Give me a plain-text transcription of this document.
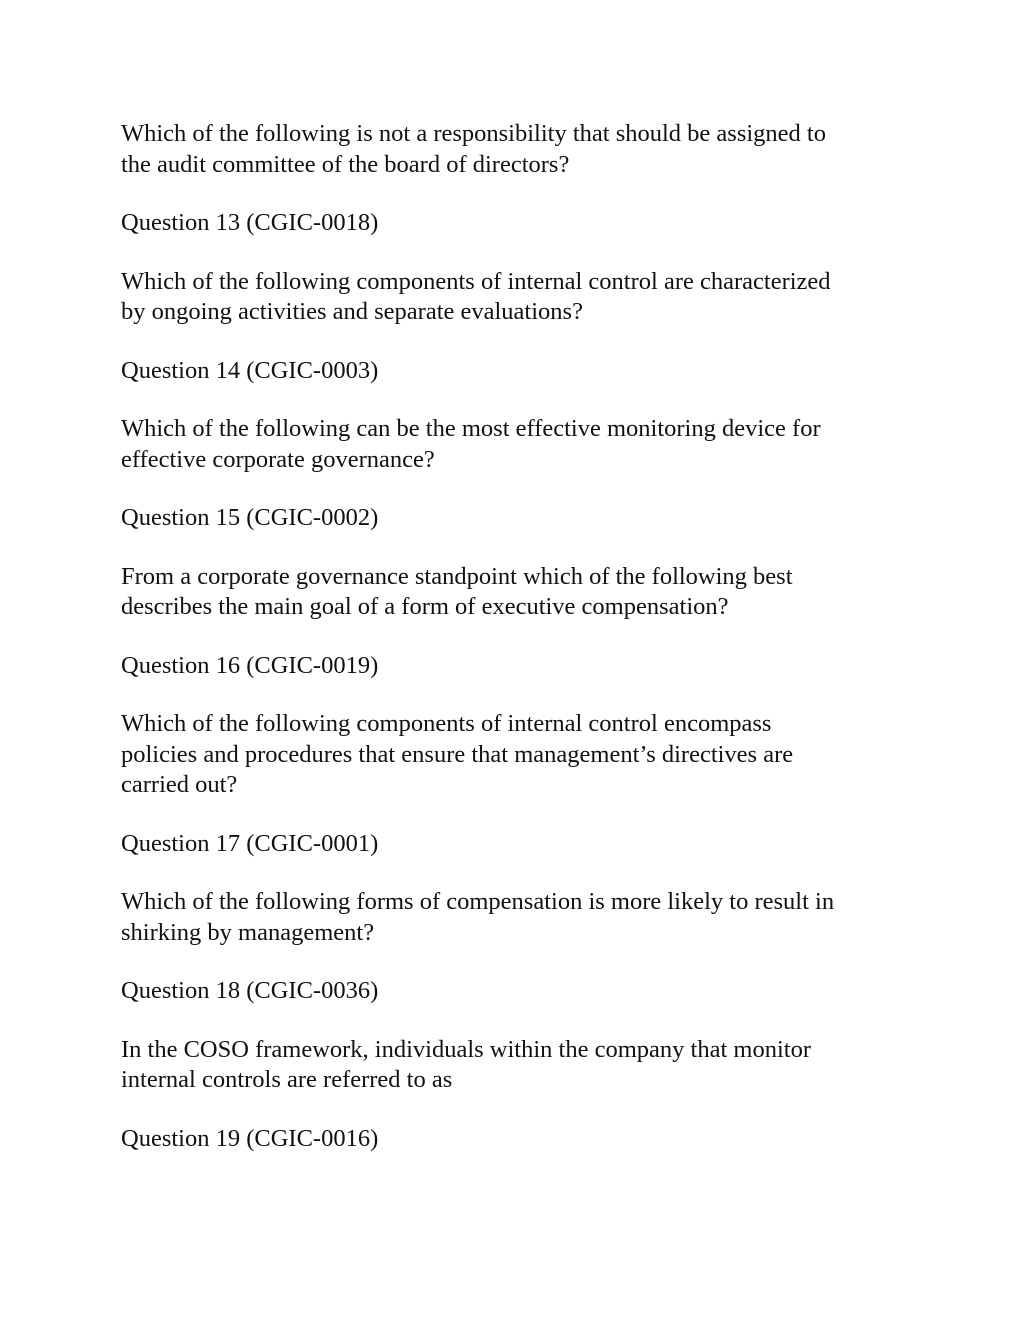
Which of the following is not a responsibility that should be assigned to
the audit committee of the board of directors?

Question 13 (CGIC-0018)

Which of the following components of internal control are characterized
by ongoing activities and separate evaluations?

Question 14 (CGIC-0003)

Which of the following can be the most effective monitoring device for
effective corporate governance?

Question 15 (CGIC-0002)

From a corporate governance standpoint which of the following best
describes the main goal of a form of executive compensation?

Question 16 (CGIC-0019)

Which of the following components of internal control encompass
policies and procedures that ensure that management’s directives are
carried out?

Question 17 (CGIC-0001)

Which of the following forms of compensation is more likely to result in
shirking by management?

Question 18 (CGIC-0036)

In the COSO framework, individuals within the company that monitor
internal controls are referred to as

Question 19 (CGIC-0016)
